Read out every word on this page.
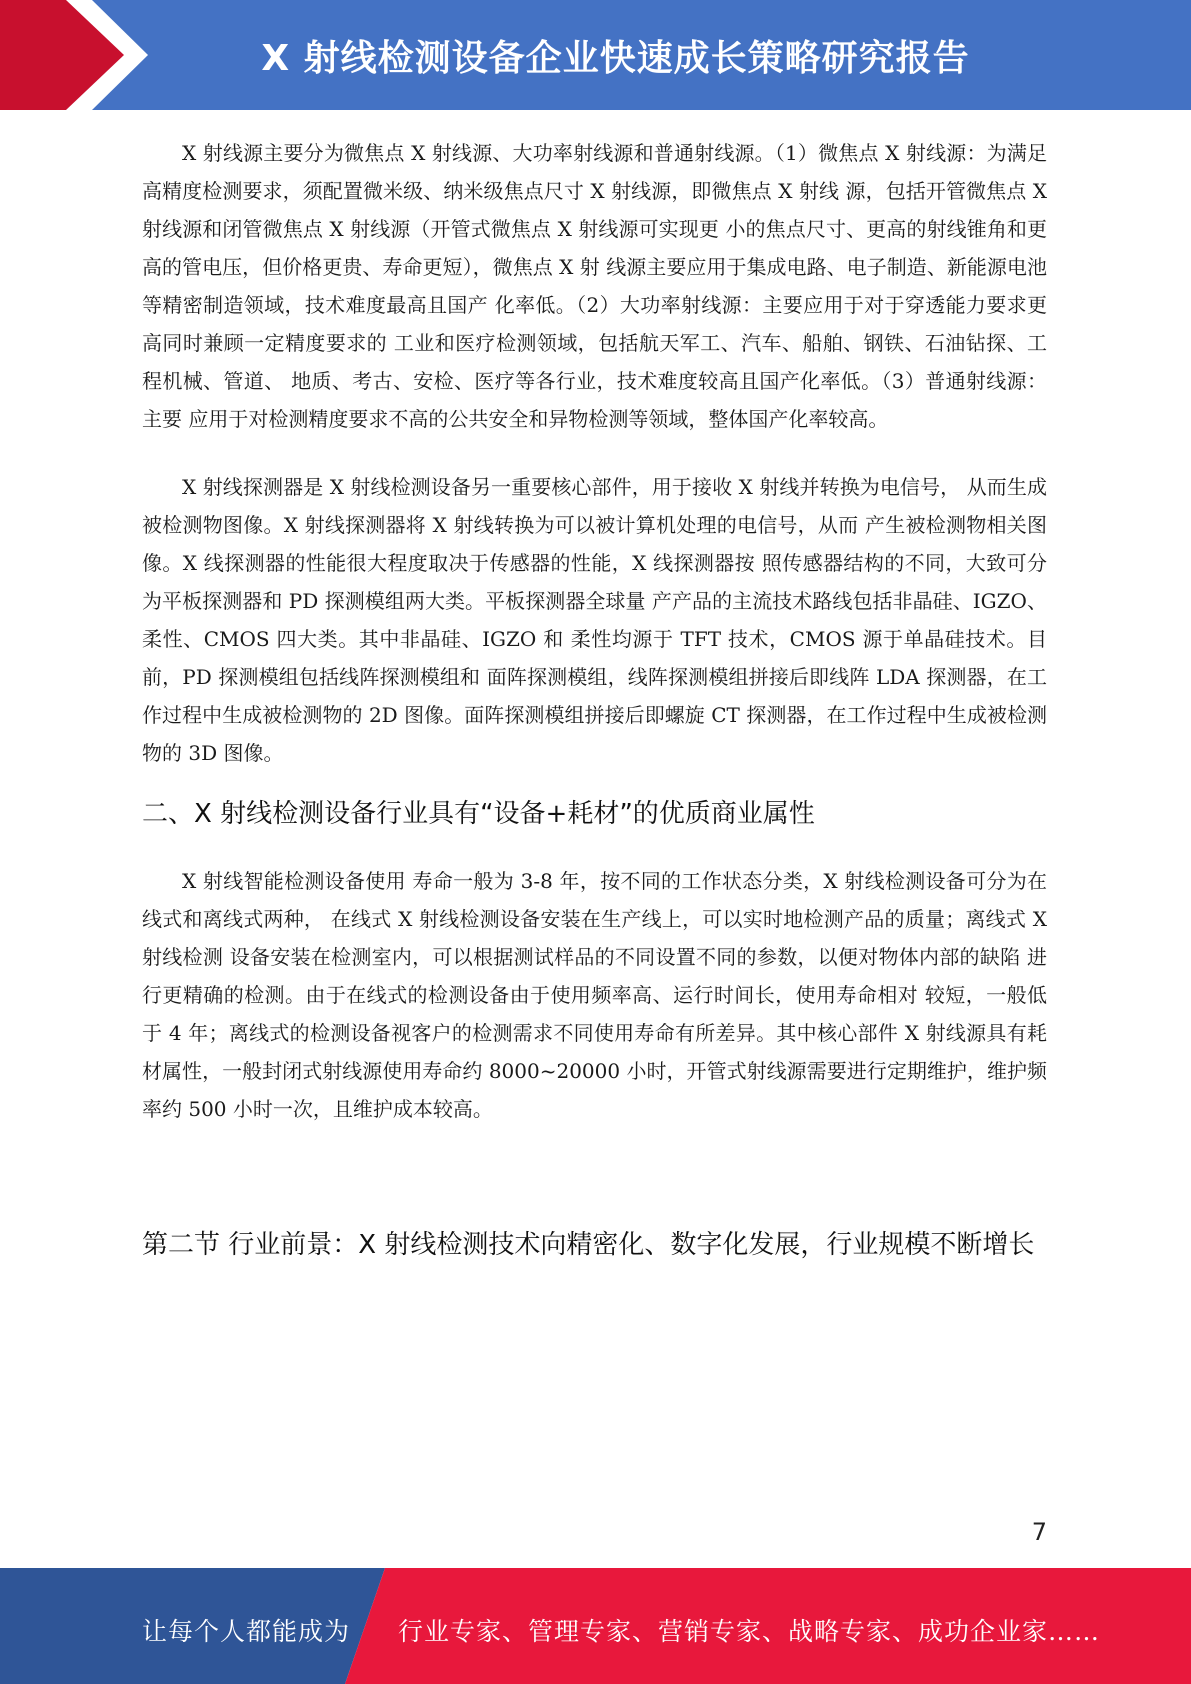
X 射线检测设备企业快速成长策略研究报告

X 射线源主要分为微焦点 X 射线源、大功率射线源和普通射线源。（1）微焦点 X 射线源：为满足高精度检测要求，须配置微米级、纳米级焦点尺寸 X 射线源，即微焦点 X 射线 源，包括开管微焦点 X 射线源和闭管微焦点 X 射线源（开管式微焦点 X 射线源可实现更 小的焦点尺寸、更高的射线锥角和更高的管电压，但价格更贵、寿命更短），微焦点 X 射 线源主要应用于集成电路、电子制造、新能源电池等精密制造领域，技术难度最高且国产 化率低。（2）大功率射线源：主要应用于对于穿透能力要求更高同时兼顾一定精度要求的 工业和医疗检测领域，包括航天军工、汽车、船舶、钢铁、石油钻探、工程机械、管道、 地质、考古、安检、医疗等各行业，技术难度较高且国产化率低。（3）普通射线源：主要 应用于对检测精度要求不高的公共安全和异物检测等领域，整体国产化率较高。

X 射线探测器是 X 射线检测设备另一重要核心部件，用于接收 X 射线并转换为电信号， 从而生成被检测物图像。X 射线探测器将 X 射线转换为可以被计算机处理的电信号，从而 产生被检测物相关图像。X 线探测器的性能很大程度取决于传感器的性能，X 线探测器按 照传感器结构的不同，大致可分为平板探测器和 PD 探测模组两大类。平板探测器全球量 产产品的主流技术路线包括非晶硅、IGZO、柔性、CMOS 四大类。其中非晶硅、IGZO 和 柔性均源于 TFT 技术，CMOS 源于单晶硅技术。目前，PD 探测模组包括线阵探测模组和 面阵探测模组，线阵探测模组拼接后即线阵 LDA 探测器，在工作过程中生成被检测物的 2D 图像。面阵探测模组拼接后即螺旋 CT 探测器，在工作过程中生成被检测物的 3D 图像。

二、X 射线检测设备行业具有“设备+耗材”的优质商业属性

X 射线智能检测设备使用 寿命一般为 3-8 年，按不同的工作状态分类，X 射线检测设备可分为在线式和离线式两种， 在线式 X 射线检测设备安装在生产线上，可以实时地检测产品的质量；离线式 X 射线检测 设备安装在检测室内，可以根据测试样品的不同设置不同的参数，以便对物体内部的缺陷 进行更精确的检测。由于在线式的检测设备由于使用频率高、运行时间长，使用寿命相对 较短，一般低于 4 年；离线式的检测设备视客户的检测需求不同使用寿命有所差异。其中核心部件 X 射线源具有耗材属性，一般封闭式射线源使用寿命约 8000~20000 小时，开管式射线源需要进行定期维护，维护频率约 500 小时一次，且维护成本较高。

第二节 行业前景：X 射线检测技术向精密化、数字化发展，行业规模不断增长
7
让每个人都能成为 行业专家、管理专家、营销专家、战略专家、成功企业家……
